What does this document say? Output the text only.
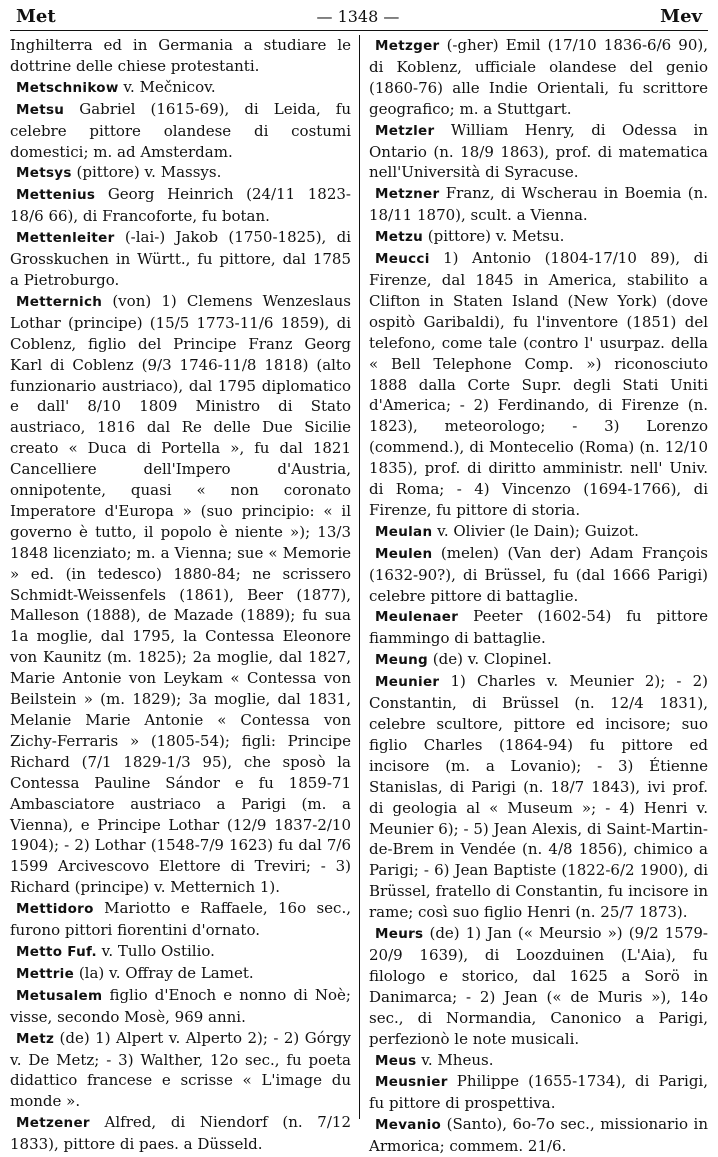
Met	— 1348 —	Mev

Inghilterra ed in Germania a studiare le dottrine delle chiese protestanti.

Metschnikow v. Mečnicov.

Metsu Gabriel (1615-69), di Leida, fu celebre pittore olandese di costumi domestici; m. ad Amsterdam.

Metsys (pittore) v. Massys.

Mettenius Georg Heinrich (24/11 1823-18/6 66), di Francoforte, fu botan.

Mettenleiter (-lai-) Jakob (1750-1825), di Grosskuchen in Württ., fu pittore, dal 1785 a Pietroburgo.

Metternich (von) 1) Clemens Wenzeslaus Lothar (principe) (15/5 1773-11/6 1859), di Coblenz, figlio del Principe Franz Georg Karl di Coblenz (9/3 1746-11/8 1818) (alto funzionario austriaco), dal 1795 diplomatico e dall' 8/10 1809 Ministro di Stato austriaco, 1816 dal Re delle Due Sicilie creato « Duca di Portella », fu dal 1821 Cancelliere dell'Impero d'Austria, onnipotente, quasi « non coronato Imperatore d'Europa » (suo principio: « il governo è tutto, il popolo è niente »); 13/3 1848 licenziato; m. a Vienna; sue « Memorie » ed. (in tedesco) 1880-84; ne scrissero Schmidt-Weissenfels (1861), Beer (1877), Malleson (1888), de Mazade (1889); fu sua 1a moglie, dal 1795, la Contessa Eleonore von Kaunitz (m. 1825); 2a moglie, dal 1827, Marie Antonie von Leykam « Contessa von Beilstein » (m. 1829); 3a moglie, dal 1831, Melanie Marie Antonie « Contessa von Zichy-Ferraris » (1805-54); figli: Principe Richard (7/1 1829-1/3 95), che sposò la Contessa Pauline Sándor e fu 1859-71 Ambasciatore austriaco a Parigi (m. a Vienna), e Principe Lothar (12/9 1837-2/10 1904); - 2) Lothar (1548-7/9 1623) fu dal 7/6 1599 Arcivescovo Elettore di Treviri; - 3) Richard (principe) v. Metternich 1).

Mettidoro Mariotto e Raffaele, 16o sec., furono pittori fiorentini d'ornato.

Metto Fuf. v. Tullo Ostilio.

Mettrie (la) v. Offray de Lamet.

Metusalem figlio d'Enoch e nonno di Noè; visse, secondo Mosè, 969 anni.

Metz (de) 1) Alpert v. Alperto 2); - 2) Górgy v. De Metz; - 3) Walther, 12o sec., fu poeta didattico francese e scrisse « L'image du monde ».

Metzener Alfred, di Niendorf (n. 7/12 1833), pittore di paes. a Düsseld.

Metzger (-gher) Emil (17/10 1836-6/6 90), di Koblenz, ufficiale olandese del genio (1860-76) alle Indie Orientali, fu scrittore geografico; m. a Stuttgart.

Metzler William Henry, di Odessa in Ontario (n. 18/9 1863), prof. di matematica nell'Università di Syracuse.

Metzner Franz, di Wscherau in Boemia (n. 18/11 1870), scult. a Vienna.

Metzu (pittore) v. Metsu.

Meucci 1) Antonio (1804-17/10 89), di Firenze, dal 1845 in America, stabilito a Clifton in Staten Island (New York) (dove ospitò Garibaldi), fu l'inventore (1851) del telefono, come tale (contro l' usurpaz. della « Bell Telephone Comp. ») riconosciuto 1888 dalla Corte Supr. degli Stati Uniti d'America; - 2) Ferdinando, di Firenze (n. 1823), meteorologo; - 3) Lorenzo (commend.), di Montecelio (Roma) (n. 12/10 1835), prof. di diritto amministr. nell' Univ. di Roma; - 4) Vincenzo (1694-1766), di Firenze, fu pittore di storia.

Meulan v. Olivier (le Dain); Guizot.

Meulen (melen) (Van der) Adam François (1632-90?), di Brüssel, fu (dal 1666 Parigi) celebre pittore di battaglie.

Meulenaer Peeter (1602-54) fu pittore fiammingo di battaglie.

Meung (de) v. Clopinel.

Meunier 1) Charles v. Meunier 2); - 2) Constantin, di Brüssel (n. 12/4 1831), celebre scultore, pittore ed incisore; suo figlio Charles (1864-94) fu pittore ed incisore (m. a Lovanio); - 3) Étienne Stanislas, di Parigi (n. 18/7 1843), ivi prof. di geologia al « Museum »; - 4) Henri v. Meunier 6); - 5) Jean Alexis, di Saint-Martin-de-Brem in Vendée (n. 4/8 1856), chimico a Parigi; - 6) Jean Baptiste (1822-6/2 1900), di Brüssel, fratello di Constantin, fu incisore in rame; così suo figlio Henri (n. 25/7 1873).

Meurs (de) 1) Jan (« Meursio ») (9/2 1579-20/9 1639), di Loozduinen (L'Aia), fu filologo e storico, dal 1625 a Sorö in Danimarca; - 2) Jean (« de Muris »), 14o sec., di Normandia, Canonico a Parigi, perfezionò le note musicali.

Meus v. Mheus.

Meusnier Philippe (1655-1734), di Parigi, fu pittore di prospettiva.

Mevanio (Santo), 6o-7o sec., missionario in Armorica; commem. 21/6.
